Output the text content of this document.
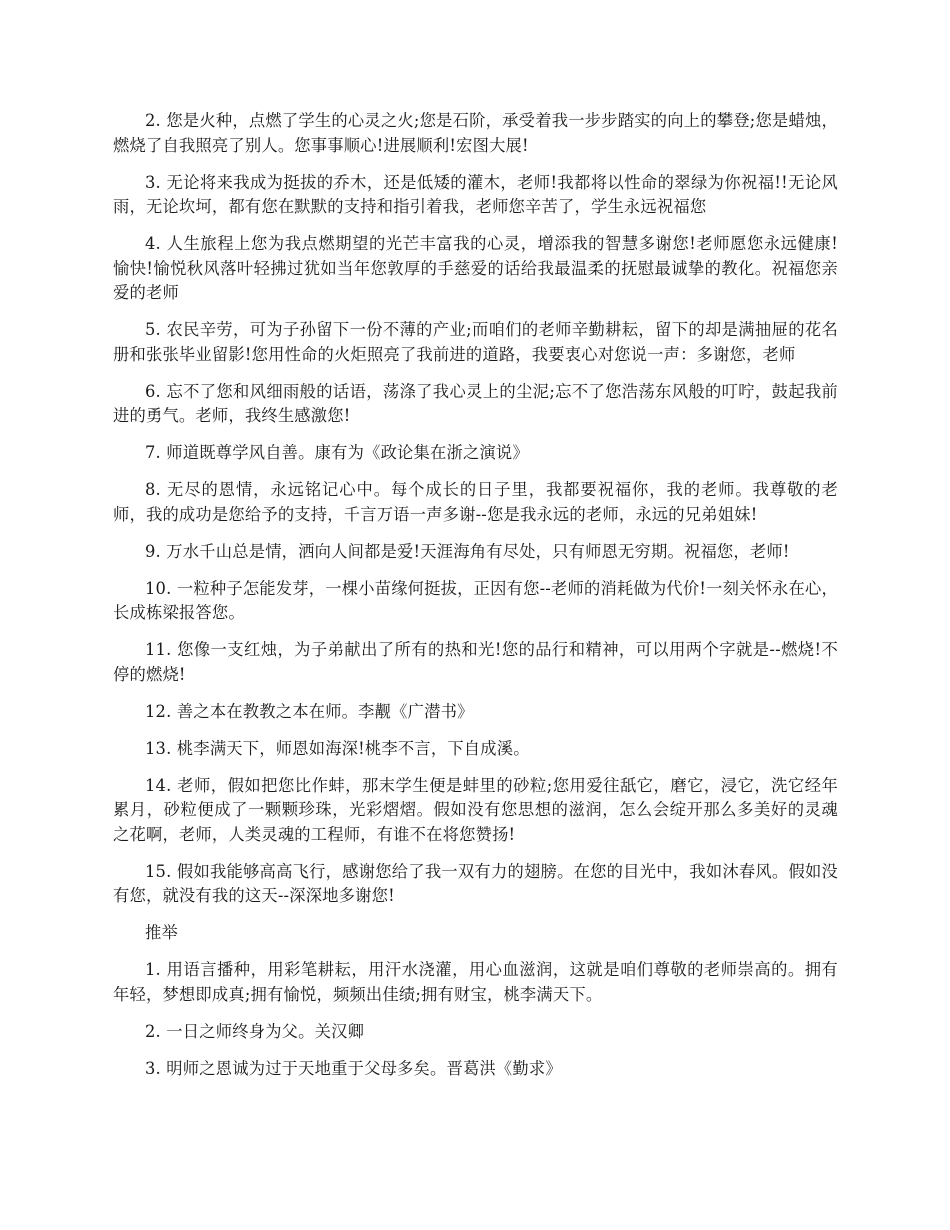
2. 您是火种，点燃了学生的心灵之火;您是石阶，承受着我一步步踏实的向上的攀登;您是蜡烛，燃烧了自我照亮了别人。您事事顺心!进展顺利!宏图大展!

3. 无论将来我成为挺拔的乔木，还是低矮的灌木，老师!我都将以性命的翠绿为你祝福!!无论风雨，无论坎坷，都有您在默默的支持和指引着我，老师您辛苦了，学生永远祝福您

4. 人生旅程上您为我点燃期望的光芒丰富我的心灵，增添我的智慧多谢您!老师愿您永远健康!愉快!愉悦秋风落叶轻拂过犹如当年您敦厚的手慈爱的话给我最温柔的抚慰最诚挚的教化。祝福您亲爱的老师

5. 农民辛劳，可为子孙留下一份不薄的产业;而咱们的老师辛勤耕耘，留下的却是满抽屉的花名册和张张毕业留影!您用性命的火炬照亮了我前进的道路，我要衷心对您说一声：多谢您，老师

6. 忘不了您和风细雨般的话语，荡涤了我心灵上的尘泥;忘不了您浩荡东风般的叮咛，鼓起我前进的勇气。老师，我终生感激您!

7. 师道既尊学风自善。康有为《政论集在浙之演说》

8. 无尽的恩情，永远铭记心中。每个成长的日子里，我都要祝福你，我的老师。我尊敬的老师，我的成功是您给予的支持，千言万语一声多谢--您是我永远的老师，永远的兄弟姐妹!

9. 万水千山总是情，洒向人间都是爱!天涯海角有尽处，只有师恩无穷期。祝福您，老师!

10. 一粒种子怎能发芽，一棵小苗缘何挺拔，正因有您--老师的消耗做为代价!一刻关怀永在心，长成栋梁报答您。

11. 您像一支红烛，为子弟献出了所有的热和光!您的品行和精神，可以用两个字就是--燃烧!不停的燃烧!

12. 善之本在教教之本在师。李觏《广潜书》

13. 桃李满天下，师恩如海深!桃李不言，下自成溪。

14. 老师，假如把您比作蚌，那末学生便是蚌里的砂粒;您用爱往舐它，磨它，浸它，洗它经年累月，砂粒便成了一颗颗珍珠，光彩熠熠。假如没有您思想的滋润，怎么会绽开那么多美好的灵魂之花啊，老师，人类灵魂的工程师，有谁不在将您赞扬!

15. 假如我能够高高飞行，感谢您给了我一双有力的翅膀。在您的目光中，我如沐春风。假如没有您，就没有我的这天--深深地多谢您!

推举

1. 用语言播种，用彩笔耕耘，用汗水浇灌，用心血滋润，这就是咱们尊敬的老师崇高的。拥有年轻，梦想即成真;拥有愉悦，频频出佳绩;拥有财宝，桃李满天下。

2. 一日之师终身为父。关汉卿

3. 明师之恩诚为过于天地重于父母多矣。晋葛洪《勤求》
